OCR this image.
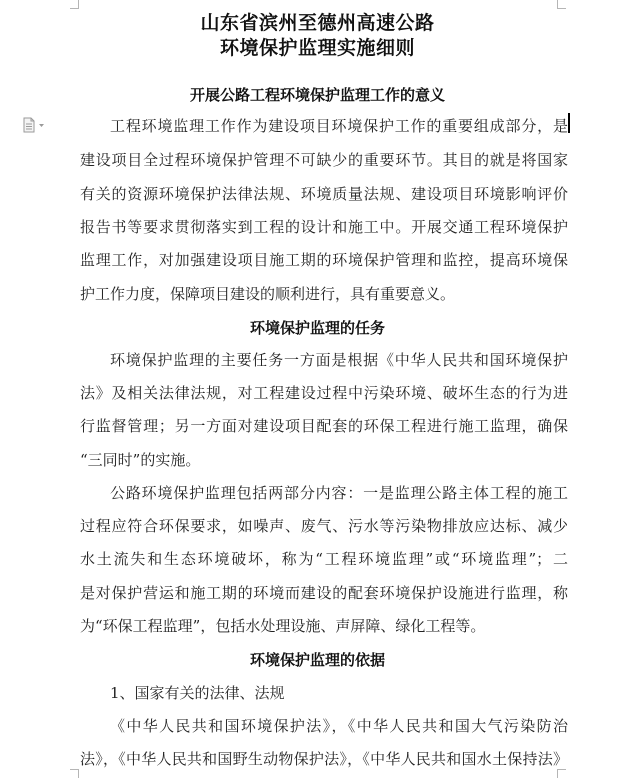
山东省滨州至德州高速公路
环境保护监理实施细则
开展公路工程环境保护监理工作的意义
工程环境监理工作作为建设项目环境保护工作的重要组成部分，是
建设项目全过程环境保护管理不可缺少的重要环节。其目的就是将国家
有关的资源环境保护法律法规、环境质量法规、建设项目环境影响评价
报告书等要求贯彻落实到工程的设计和施工中。开展交通工程环境保护
监理工作，对加强建设项目施工期的环境保护管理和监控，提高环境保
护工作力度，保障项目建设的顺利进行，具有重要意义。
环境保护监理的任务
环境保护监理的主要任务一方面是根据《中华人民共和国环境保护
法》及相关法律法规，对工程建设过程中污染环境、破坏生态的行为进
行监督管理；另一方面对建设项目配套的环保工程进行施工监理，确保
“三同时”的实施。
公路环境保护监理包括两部分内容：一是监理公路主体工程的施工
过程应符合环保要求，如噪声、废气、污水等污染物排放应达标、减少
水土流失和生态环境破坏，称为“工程环境监理”或“环境监理”；二
是对保护营运和施工期的环境而建设的配套环境保护设施进行监理，称
为“环保工程监理”，包括水处理设施、声屏障、绿化工程等。
环境保护监理的依据
1、国家有关的法律、法规
《中华人民共和国环境保护法》，《中华人民共和国大气污染防治
法》，《中华人民共和国野生动物保护法》，《中华人民共和国水土保持法》
